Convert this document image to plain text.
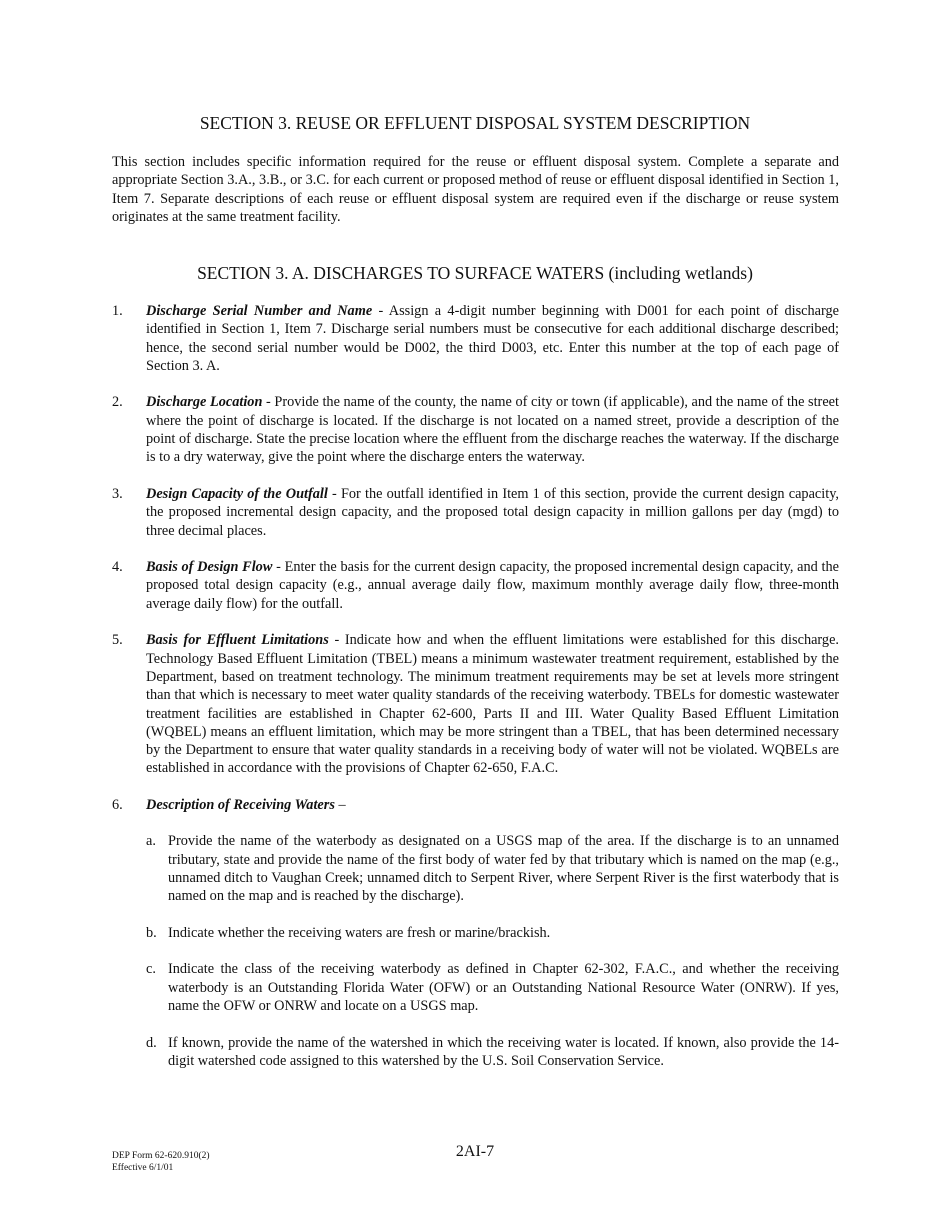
SECTION 3. REUSE OR EFFLUENT DISPOSAL SYSTEM DESCRIPTION

This section includes specific information required for the reuse or effluent disposal system. Complete a separate and appropriate Section 3.A., 3.B., or 3.C. for each current or proposed method of reuse or effluent disposal identified in Section 1, Item 7. Separate descriptions of each reuse or effluent disposal system are required even if the discharge or reuse system originates at the same treatment facility.

SECTION 3. A. DISCHARGES TO SURFACE WATERS (including wetlands)
1.	Discharge Serial Number and Name - Assign a 4-digit number beginning with D001 for each point of discharge identified in Section 1, Item 7. Discharge serial numbers must be consecutive for each additional discharge described; hence, the second serial number would be D002, the third D003, etc. Enter this number at the top of each page of Section 3. A.
2.	Discharge Location - Provide the name of the county, the name of city or town (if applicable), and the name of the street where the point of discharge is located. If the discharge is not located on a named street, provide a description of the point of discharge. State the precise location where the effluent from the discharge reaches the waterway. If the discharge is to a dry waterway, give the point where the discharge enters the waterway.
3.	Design Capacity of the Outfall - For the outfall identified in Item 1 of this section, provide the current design capacity, the proposed incremental design capacity, and the proposed total design capacity in million gallons per day (mgd) to three decimal places.
4.	Basis of Design Flow - Enter the basis for the current design capacity, the proposed incremental design capacity, and the proposed total design capacity (e.g., annual average daily flow, maximum monthly average daily flow, three-month average daily flow) for the outfall.
5.	Basis for Effluent Limitations - Indicate how and when the effluent limitations were established for this discharge. Technology Based Effluent Limitation (TBEL) means a minimum wastewater treatment requirement, established by the Department, based on treatment technology. The minimum treatment requirements may be set at levels more stringent than that which is necessary to meet water quality standards of the receiving waterbody. TBELs for domestic wastewater treatment facilities are established in Chapter 62-600, Parts II and III. Water Quality Based Effluent Limitation (WQBEL) means an effluent limitation, which may be more stringent than a TBEL, that has been determined necessary by the Department to ensure that water quality standards in a receiving body of water will not be violated. WQBELs are established in accordance with the provisions of Chapter 62-650, F.A.C.
6.	Description of Receiving Waters –
a. Provide the name of the waterbody as designated on a USGS map of the area. If the discharge is to an unnamed tributary, state and provide the name of the first body of water fed by that tributary which is named on the map (e.g., unnamed ditch to Vaughan Creek; unnamed ditch to Serpent River, where Serpent River is the first waterbody that is named on the map and is reached by the discharge).
b. Indicate whether the receiving waters are fresh or marine/brackish.
c. Indicate the class of the receiving waterbody as defined in Chapter 62-302, F.A.C., and whether the receiving waterbody is an Outstanding Florida Water (OFW) or an Outstanding National Resource Water (ONRW). If yes, name the OFW or ONRW and locate on a USGS map.
d. If known, provide the name of the watershed in which the receiving water is located. If known, also provide the 14-digit watershed code assigned to this watershed by the U.S. Soil Conservation Service.
DEP Form 62-620.910(2)
Effective 6/1/01
2AI-7
